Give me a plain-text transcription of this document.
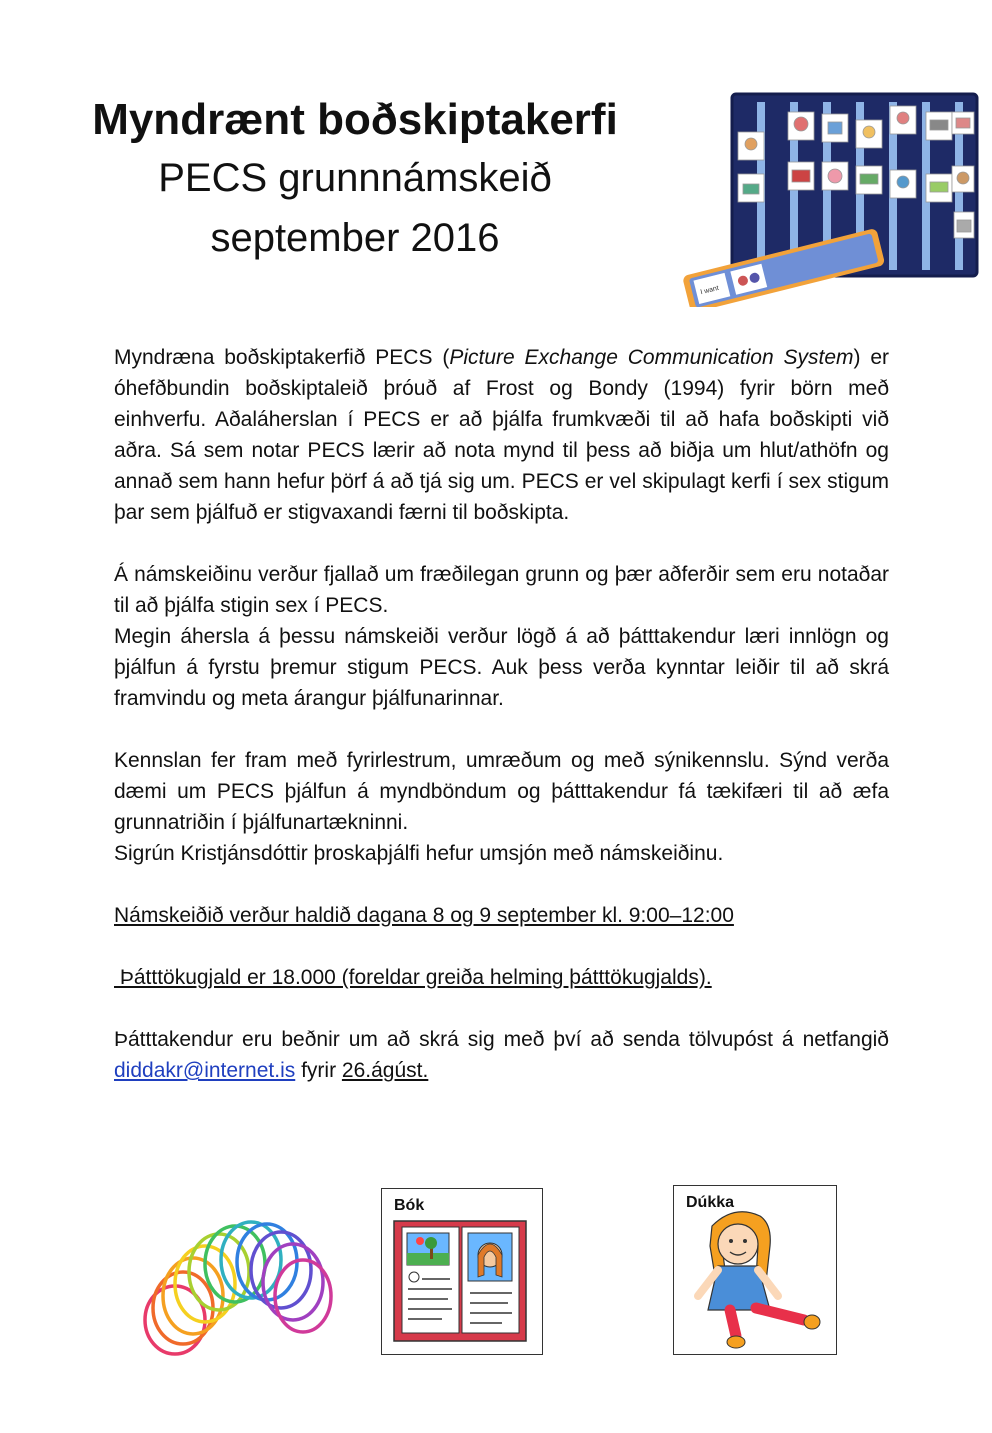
Myndrænt boðskiptakerfi
PECS grunnnámskeið
september 2016
I want

Myndræna boðskiptakerfið PECS (Picture Exchange Communication System) er óhefðbundin boðskiptaleið þróuð af Frost og Bondy (1994) fyrir börn með einhverfu. Aðaláherslan í PECS er að þjálfa frumkvæði til að hafa boðskipti við aðra. Sá sem notar PECS lærir að nota mynd til þess að biðja um hlut/athöfn og annað sem hann hefur þörf á að tjá sig um. PECS er vel skipulagt kerfi í sex stigum þar sem þjálfuð er stigvaxandi færni til boðskipta.

Á námskeiðinu verður fjallað um fræðilegan grunn og þær aðferðir sem eru notaðar til að þjálfa stigin sex í PECS.

Megin áhersla á þessu námskeiði verður lögð á að þátttakendur læri innlögn og þjálfun á fyrstu þremur stigum PECS. Auk þess verða kynntar leiðir til að skrá framvindu og meta árangur þjálfunarinnar.

Kennslan fer fram með fyrirlestrum, umræðum og með sýnikennslu. Sýnd verða dæmi um PECS þjálfun á myndböndum og þátttakendur fá tækifæri til að æfa grunnatriðin í þjálfunartækninni.

Sigrún Kristjánsdóttir þroskaþjálfi hefur umsjón með námskeiðinu.

Námskeiðið verður haldið dagana 8 og 9 september kl. 9:00–12:00

Þátttökugjald er 18.000 (foreldar greiða helming þátttökugjalds).

Þátttakendur eru beðnir um að skrá sig með því að senda tölvupóst á netfangið diddakr@internet.is fyrir 26.ágúst.

Bók	Dúkka
